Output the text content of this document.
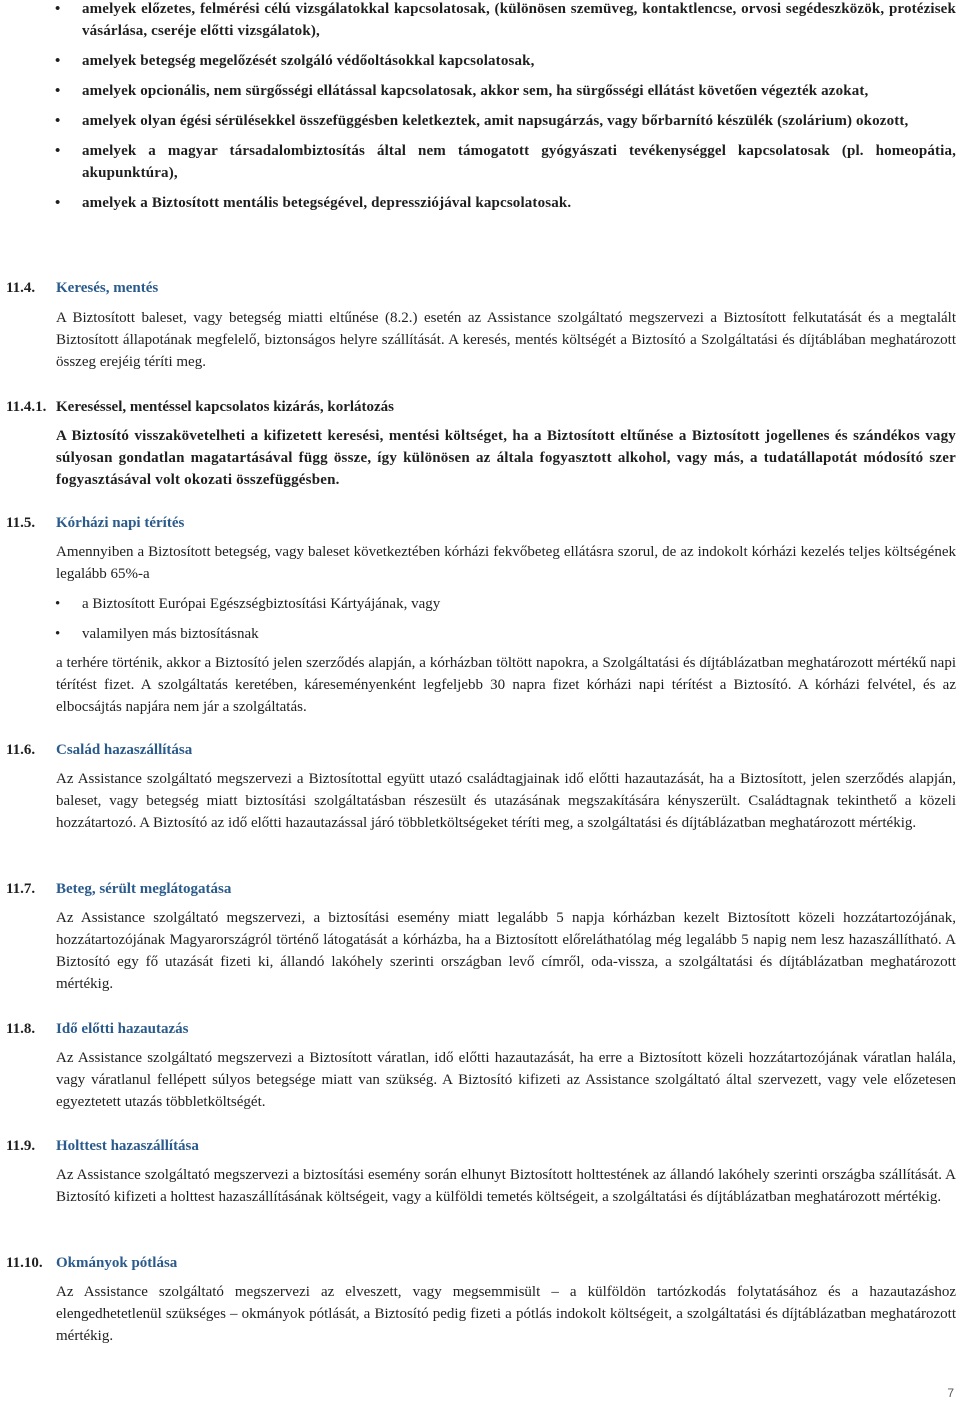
• amelyek előzetes, felmérési célú vizsgálatokkal kapcsolatosak, (különösen szemüveg, kontaktlencse, orvosi segédeszközök, protézisek vásárlása, cseréje előtti vizsgálatok),
• amelyek betegség megelőzését szolgáló védőoltásokkal kapcsolatosak,
• amelyek opcionális, nem sürgősségi ellátással kapcsolatosak, akkor sem, ha sürgősségi ellátást követően végezték azokat,
• amelyek olyan égési sérülésekkel összefüggésben keletkeztek, amit napsugárzás, vagy bőrbarnító készülék (szolárium) okozott,
• amelyek a magyar társadalombiztosítás által nem támogatott gyógyászati tevékenységgel kapcsolatosak (pl. homeopátia, akupunktúra),
• amelyek a Biztosított mentális betegségével, depressziójával kapcsolatosak.
11.4. Keresés, mentés
A Biztosított baleset, vagy betegség miatti eltűnése (8.2.) esetén az Assistance szolgáltató megszervezi a Biztosított felkutatását és a megtalált Biztosított állapotának megfelelő, biztonságos helyre szállítását. A keresés, mentés költségét a Biztosító a Szolgáltatási és díjtáblában meghatározott összeg erejéig téríti meg.
11.4.1. Kereséssel, mentéssel kapcsolatos kizárás, korlátozás
A Biztosító visszakövetelheti a kifizetett keresési, mentési költséget, ha a Biztosított eltűnése a Biztosított jogellenes és szándékos vagy súlyosan gondatlan magatartásával függ össze, így különösen az általa fogyasztott alkohol, vagy más, a tudatállapotát módosító szer fogyasztásával volt okozati összefüggésben.
11.5. Kórházi napi térítés
Amennyiben a Biztosított betegség, vagy baleset következtében kórházi fekvőbeteg ellátásra szorul, de az indokolt kórházi kezelés teljes költségének legalább 65%-a
• a Biztosított Európai Egészségbiztosítási Kártyájának, vagy
• valamilyen más biztosításnak
a terhére történik, akkor a Biztosító jelen szerződés alapján, a kórházban töltött napokra, a Szolgáltatási és díjtáblázatban meghatározott mértékű napi térítést fizet. A szolgáltatás keretében, káreseményenként legfeljebb 30 napra fizet kórházi napi térítést a Biztosító. A kórházi felvétel, és az elbocsájtás napjára nem jár a szolgáltatás.
11.6. Család hazaszállítása
Az Assistance szolgáltató megszervezi a Biztosítottal együtt utazó családtagjainak idő előtti hazautazását, ha a Biztosított, jelen szerződés alapján, baleset, vagy betegség miatt biztosítási szolgáltatásban részesült és utazásának megszakítására kényszerült. Családtagnak tekinthető a közeli hozzátartozó. A Biztosító az idő előtti hazautazással járó többletköltségeket téríti meg, a szolgáltatási és díjtáblázatban meghatározott mértékig.
11.7. Beteg, sérült meglátogatása
Az Assistance szolgáltató megszervezi, a biztosítási esemény miatt legalább 5 napja kórházban kezelt Biztosított közeli hozzátartozójának, hozzátartozójának Magyarországról történő látogatását a kórházba, ha a Biztosított előreláthatólag még legalább 5 napig nem lesz hazaszállítható. A Biztosító egy fő utazását fizeti ki, állandó lakóhely szerinti országban levő címről, oda-vissza, a szolgáltatási és díjtáblázatban meghatározott mértékig.
11.8. Idő előtti hazautazás
Az Assistance szolgáltató megszervezi a Biztosított váratlan, idő előtti hazautazását, ha erre a Biztosított közeli hozzátartozójának váratlan halála, vagy váratlanul fellépett súlyos betegsége miatt van szükség. A Biztosító kifizeti az Assistance szolgáltató által szervezett, vagy vele előzetesen egyeztetett utazás többletköltségét.
11.9. Holttest hazaszállítása
Az Assistance szolgáltató megszervezi a biztosítási esemény során elhunyt Biztosított holttestének az állandó lakóhely szerinti országba szállítását. A Biztosító kifizeti a holttest hazaszállításának költségeit, vagy a külföldi temetés költségeit, a szolgáltatási és díjtáblázatban meghatározott mértékig.
11.10. Okmányok pótlása
Az Assistance szolgáltató megszervezi az elveszett, vagy megsemmisült – a külföldön tartózkodás folytatásához és a hazautazáshoz elengedhetetlenül szükséges – okmányok pótlását, a Biztosító pedig fizeti a pótlás indokolt költségeit, a szolgáltatási és díjtáblázatban meghatározott mértékig.
7
